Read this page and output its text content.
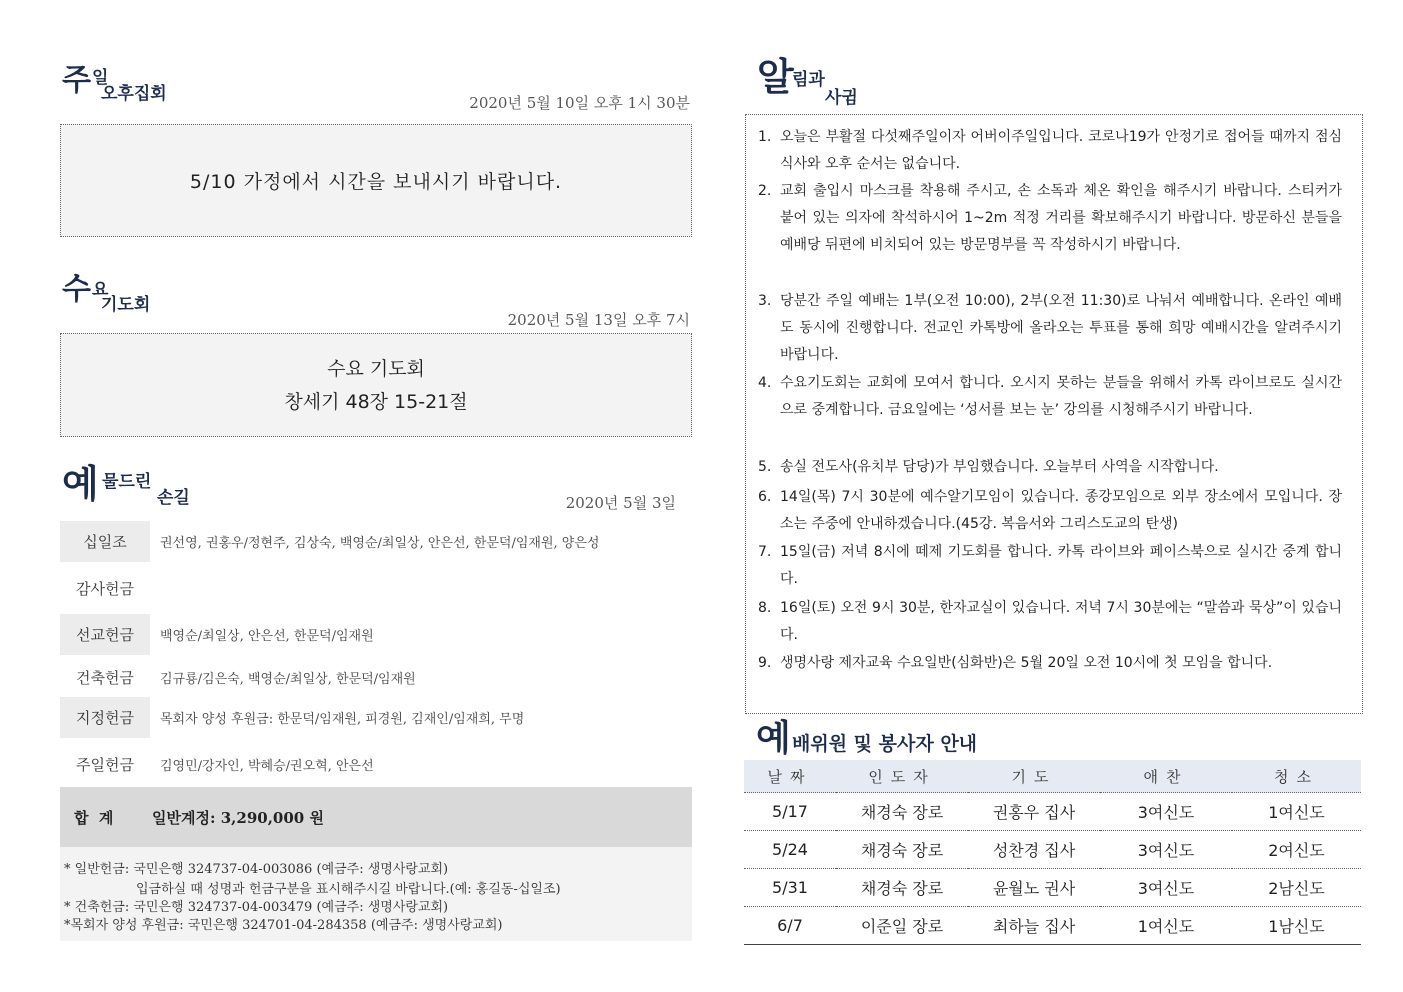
주 일
오후집회	2020년 5월 10일 오후 1시 30분
5/10 가정에서 시간을 보내시기 바랍니다.
수 요
기도회
2020년 5월 13일 오후 7시
수요 기도회
창세기 48장 15-21절
예 물드린
손길	2020년 5월 3일
십일조	권선영, 권홍우/정현주, 김상숙, 백영순/최일상, 안은선, 한문덕/임재원, 양은성
감사헌금
선교헌금	백영순/최일상, 안은선, 한문덕/임재원
건축헌금	김규룡/김은숙, 백영순/최일상, 한문덕/임재원
지정헌금	목회자 양성 후원금: 한문덕/임재원, 피경원, 김재인/임재희, 무명
주일헌금	김영민/강자인, 박혜승/권오혁, 안은선
합  계	일반계정: 3,290,000 원
* 일반헌금: 국민은행 324737-04-003086 (예금주: 생명사랑교회)
입금하실 때 성명과 헌금구분을 표시해주시길 바랍니다.(예: 홍길동-십일조)
* 건축헌금: 국민은행 324737-04-003479 (예금주: 생명사랑교회)
*목회자 양성 후원금: 국민은행 324701-04-284358 (예금주: 생명사랑교회)
알
림과
사귐
1. 오늘은 부활절 다섯째주일이자 어버이주일입니다. 코로나19가 안정기로 접어들 때까지 점심 식사와 오후 순서는 없습니다.
2. 교회 출입시 마스크를 착용해 주시고, 손 소독과 체온 확인을 해주시기 바랍니다. 스티커가 붙어 있는 의자에 착석하시어 1~2m 적정 거리를 확보해주시기 바랍니다. 방문하신 분들을 예배당 뒤편에 비치되어 있는 방문명부를 꼭 작성하시기 바랍니다.
3. 당분간 주일 예배는 1부(오전 10:00), 2부(오전 11:30)로 나눠서 예배합니다. 온라인 예배도 동시에 진행합니다. 전교인 카톡방에 올라오는 투표를 통해 희망 예배시간을 알려주시기 바랍니다.
4. 수요기도회는 교회에 모여서 합니다. 오시지 못하는 분들을 위해서 카톡 라이브로도 실시간으로 중계합니다. 금요일에는 ‘성서를 보는 눈’ 강의를 시청해주시기 바랍니다.
5. 송실 전도사(유치부 담당)가 부임했습니다. 오늘부터 사역을 시작합니다.
6. 14일(목) 7시 30분에 예수알기모임이 있습니다. 종강모임으로 외부 장소에서 모입니다. 장소는 주중에 안내하겠습니다.(45강. 복음서와 그리스도교의 탄생)
7. 15일(금) 저녁 8시에 떼제 기도회를 합니다. 카톡 라이브와 페이스북으로 실시간 중계 합니다.
8. 16일(토) 오전 9시 30분, 한자교실이 있습니다. 저녁 7시 30분에는 “말씀과 묵상”이 있습니다.
9. 생명사랑 제자교육 수요일반(심화반)은 5월 20일 오전 10시에 첫 모임을 합니다.
예 배위원 및 봉사자 안내
날짜	인도자	기도	애찬	청소
5/17	채경숙 장로	권홍우 집사	3여신도	1여신도
5/24	채경숙 장로	성찬경 집사	3여신도	2여신도
5/31	채경숙 장로	윤월노 권사	3여신도	2남신도
6/7	이준일 장로	최하늘 집사	1여신도	1남신도
